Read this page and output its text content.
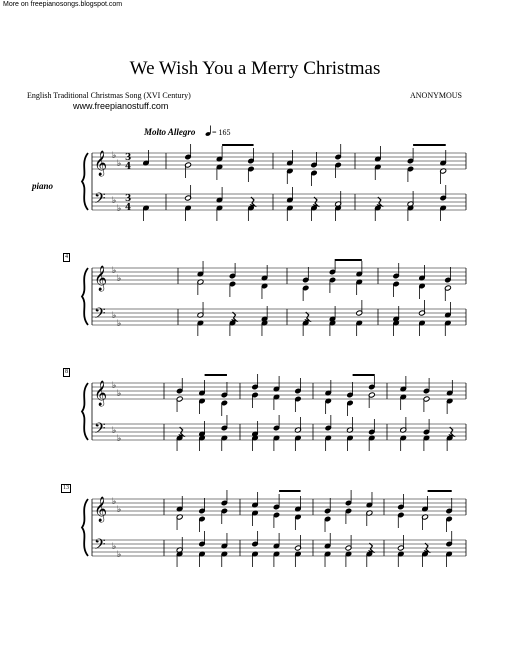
More on freepianosongs.blogspot.com
We Wish You a Merry Christmas
English Traditional Christmas Song (XVI Century)
www.freepianostuff.com
ANONYMOUS
Molto Allegro = 165
piano
4
8
13
𝄞 ♭
♭
3
4
𝄢 ♭
♭
3
4
𝄞 ♭
♭
𝄢 ♭
♭
𝄞 ♭
♭
𝄢 ♭
♭
𝄞 ♭
♭
𝄢 ♭
♭
